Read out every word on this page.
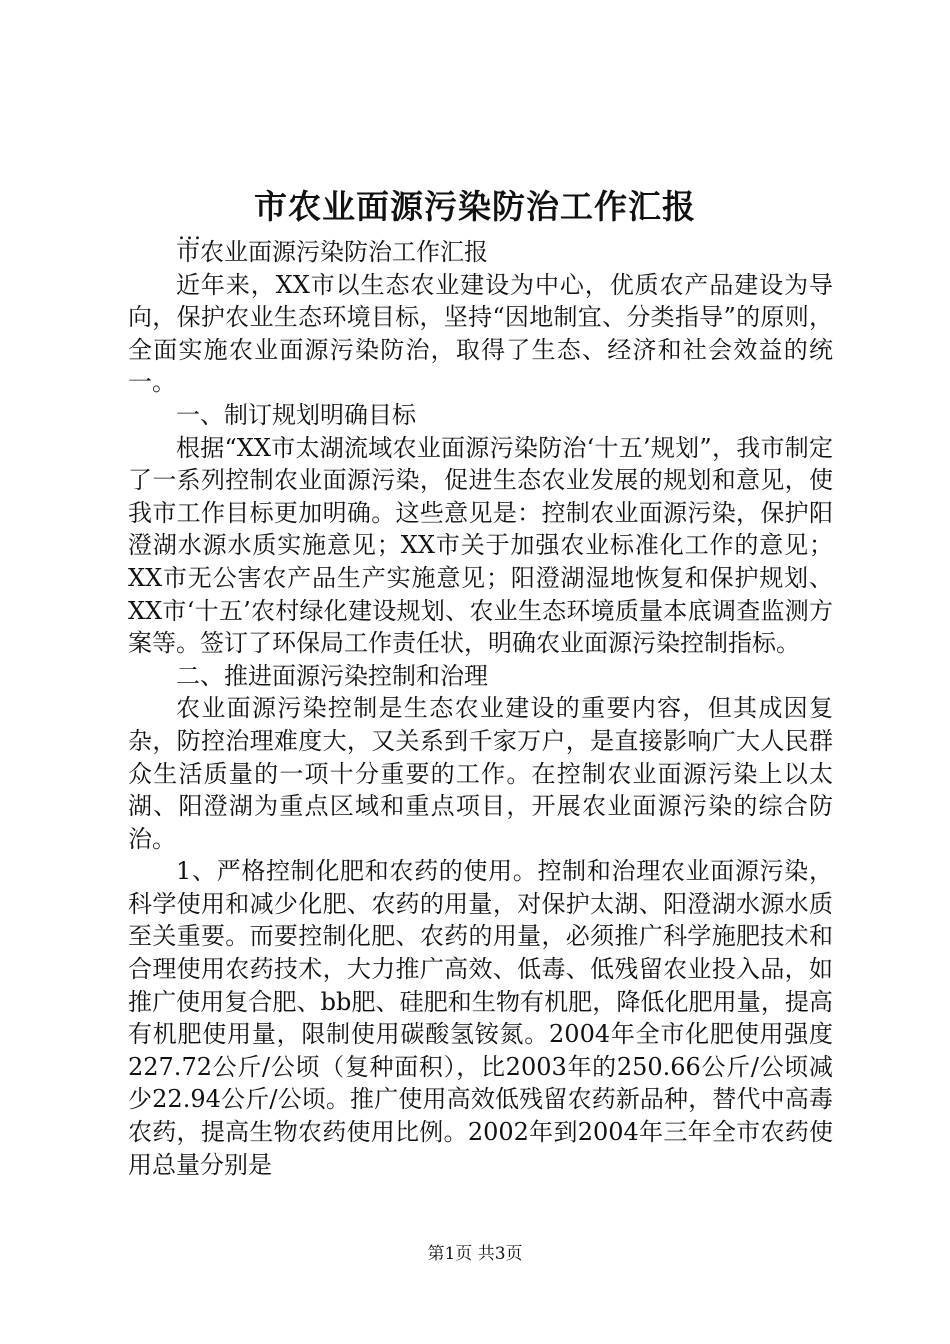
市农业面源污染防治工作汇报
...

市农业面源污染防治工作汇报

近年来，XX市以生态农业建设为中心，优质农产品建设为导向，保护农业生态环境目标，坚持“因地制宜、分类指导”的原则，全面实施农业面源污染防治，取得了生态、经济和社会效益的统一。

一、制订规划明确目标

根据“XX市太湖流域农业面源污染防治‘十五’规划”，我市制定了一系列控制农业面源污染，促进生态农业发展的规划和意见，使我市工作目标更加明确。这些意见是：控制农业面源污染，保护阳澄湖水源水质实施意见；XX市关于加强农业标准化工作的意见；XX市无公害农产品生产实施意见；阳澄湖湿地恢复和保护规划、XX市‘十五’农村绿化建设规划、农业生态环境质量本底调查监测方案等。签订了环保局工作责任状，明确农业面源污染控制指标。

二、推进面源污染控制和治理

农业面源污染控制是生态农业建设的重要内容，但其成因复杂，防控治理难度大，又关系到千家万户，是直接影响广大人民群众生活质量的一项十分重要的工作。在控制农业面源污染上以太湖、阳澄湖为重点区域和重点项目，开展农业面源污染的综合防治。

1、严格控制化肥和农药的使用。控制和治理农业面源污染，科学使用和减少化肥、农药的用量，对保护太湖、阳澄湖水源水质至关重要。而要控制化肥、农药的用量，必须推广科学施肥技术和合理使用农药技术，大力推广高效、低毒、低残留农业投入品，如推广使用复合肥、bb肥、硅肥和生物有机肥，降低化肥用量，提高有机肥使用量，限制使用碳酸氢铵氮。2004年全市化肥使用强度227.72公斤/公顷（复种面积），比2003年的250.66公斤/公顷减少22.94公斤/公顷。推广使用高效低残留农药新品种，替代中高毒农药，提高生物农药使用比例。2002年到2004年三年全市农药使用总量分别是

第1页 共3页
